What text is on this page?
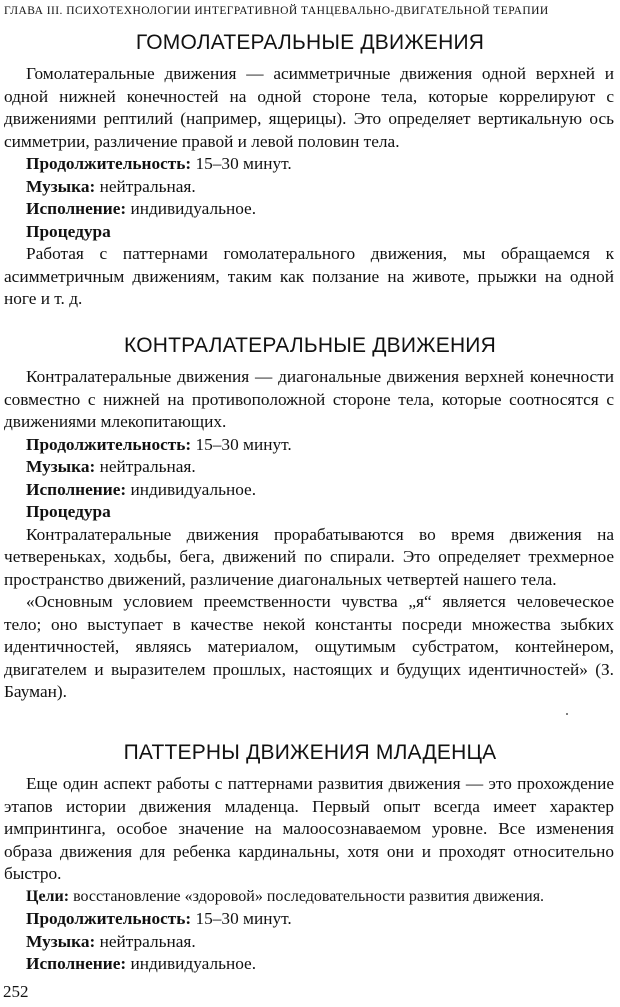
ГЛАВА III. ПСИХОТЕХНОЛОГИИ ИНТЕГРАТИВНОЙ ТАНЦЕВАЛЬНО-ДВИГАТЕЛЬНОЙ ТЕРАПИИ
ГОМОЛАТЕРАЛЬНЫЕ ДВИЖЕНИЯ

Гомолатеральные движения — асимметричные движения одной верхней и одной нижней конечностей на одной стороне тела, которые коррелируют с движениями рептилий (например, ящерицы). Это определяет вертикальную ось симметрии, различение правой и левой половин тела.

Продолжительность: 15–30 минут.

Музыка: нейтральная.

Исполнение: индивидуальное.

Процедура

Работая с паттернами гомолатерального движения, мы обращаемся к асимметричным движениям, таким как ползание на животе, прыжки на одной ноге и т. д.

КОНТРАЛАТЕРАЛЬНЫЕ ДВИЖЕНИЯ

Контралатеральные движения — диагональные движения верхней конечности совместно с нижней на противоположной стороне тела, которые соотносятся с движениями млекопитающих.

Продолжительность: 15–30 минут.

Музыка: нейтральная.

Исполнение: индивидуальное.

Процедура

Контралатеральные движения прорабатываются во время движения на четвереньках, ходьбы, бега, движений по спирали. Это определяет трехмерное пространство движений, различение диагональных четвертей нашего тела.

«Основным условием преемственности чувства „я“ является человеческое тело; оно выступает в качестве некой константы посреди множества зыбких идентичностей, являясь материалом, ощутимым субстратом, контейнером, двигателем и выразителем прошлых, настоящих и будущих идентичностей» (З. Бауман).

ПАТТЕРНЫ ДВИЖЕНИЯ МЛАДЕНЦА

Еще один аспект работы с паттернами развития движения — это прохождение этапов истории движения младенца. Первый опыт всегда имеет характер импринтинга, особое значение на малоосознаваемом уровне. Все изменения образа движения для ребенка кардинальны, хотя они и проходят относительно быстро.

Цели: восстановление «здоровой» последовательности развития движения.

Продолжительность: 15–30 минут.

Музыка: нейтральная.

Исполнение: индивидуальное.

252
